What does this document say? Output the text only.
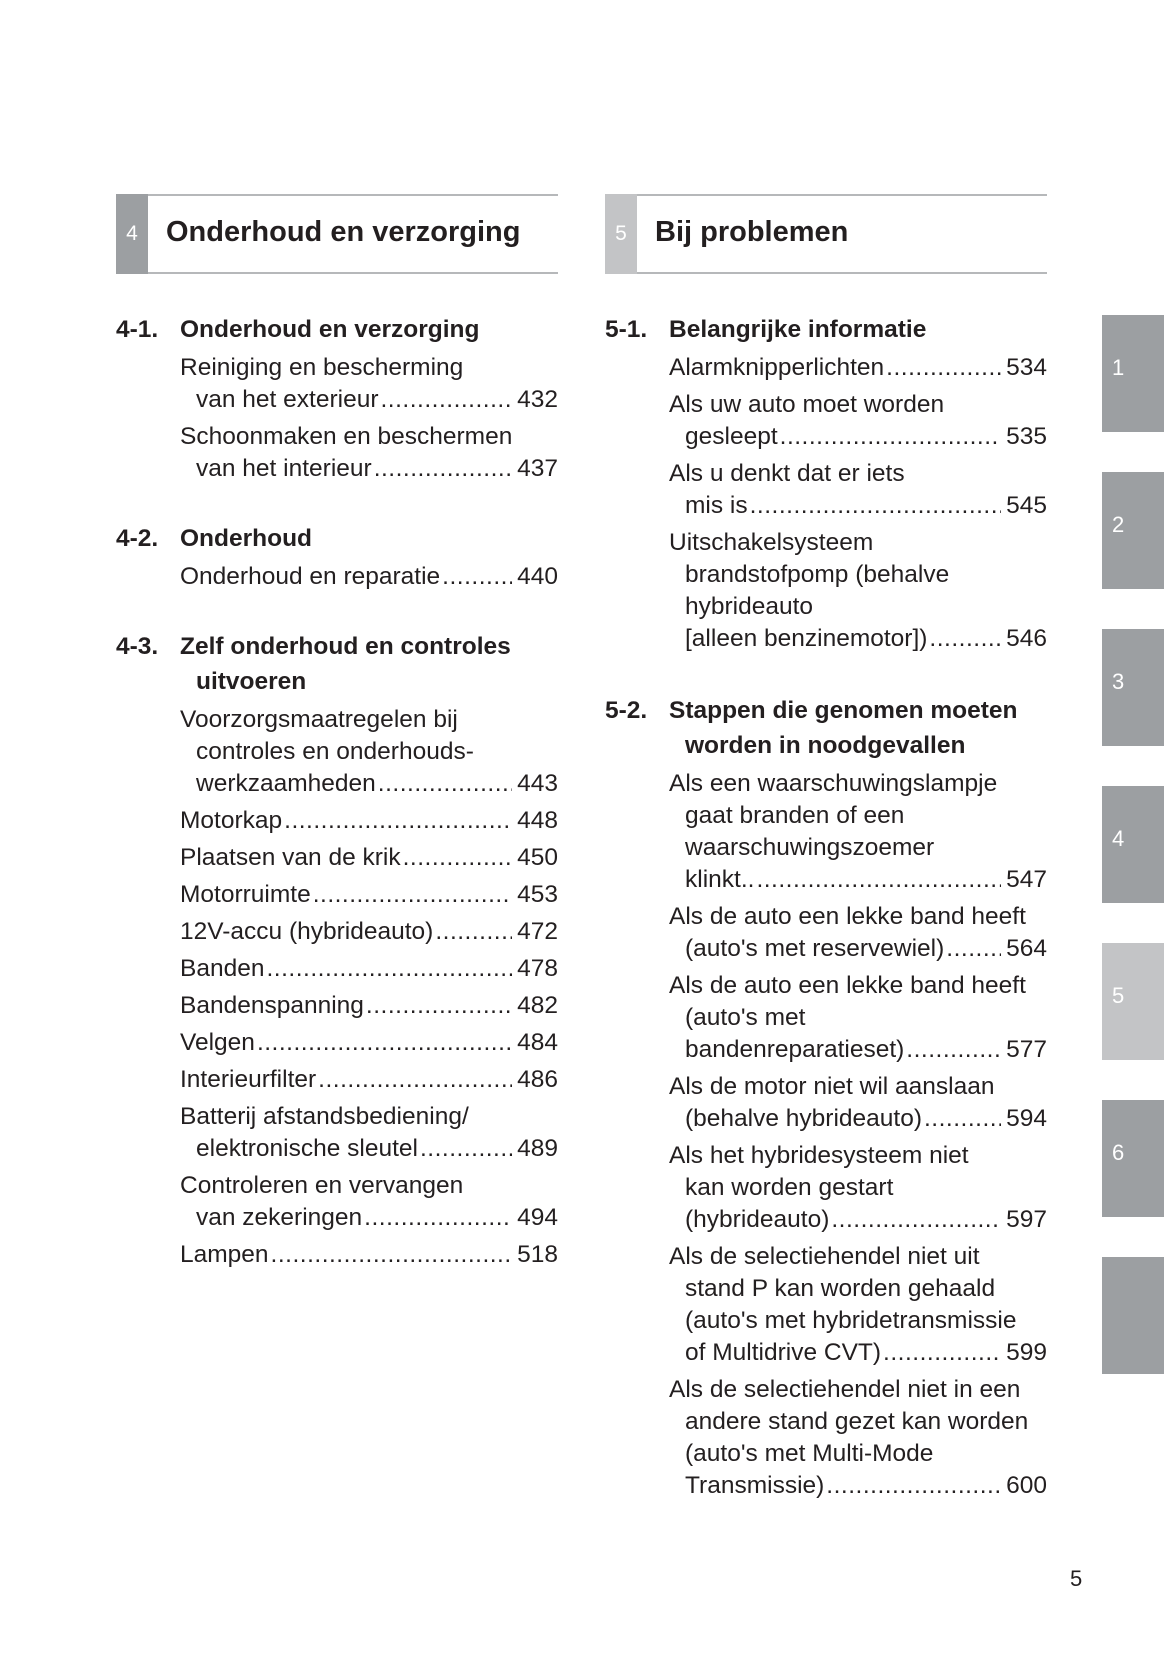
4 Onderhoud en verzorging
4-1. Onderhoud en verzorging
Reiniging en bescherming
van het exterieur .....	432
Schoonmaken en beschermen
van het interieur .....	437
4-2. Onderhoud
Onderhoud en reparatie .....	440
4-3. Zelf onderhoud en controles
uitvoeren
Voorzorgsmaatregelen bij
controles en onderhouds-
werkzaamheden .....	443
Motorkap .....	448
Plaatsen van de krik .....	450
Motorruimte .....	453
12V-accu (hybrideauto) .....	472
Banden .....	478
Bandenspanning .....	482
Velgen .....	484
Interieurfilter .....	486
Batterij afstandsbediening/
elektronische sleutel .....	489
Controleren en vervangen
van zekeringen .....	494
Lampen .....	518
5 Bij problemen
5-1. Belangrijke informatie
Alarmknipperlichten .....	534
Als uw auto moet worden
gesleept .....	535
Als u denkt dat er iets
mis is .....	545
Uitschakelsysteem
brandstofpomp (behalve
hybrideauto
[alleen benzinemotor]) .....	546
5-2. Stappen die genomen moeten
worden in noodgevallen
Als een waarschuwingslampje
gaat branden of een
waarschuwingszoemer
klinkt.. .....	547
Als de auto een lekke band heeft
(auto's met reservewiel) .....	564
Als de auto een lekke band heeft
(auto's met
bandenreparatieset) .....	577
Als de motor niet wil aanslaan
(behalve hybrideauto) .....	594
Als het hybridesysteem niet
kan worden gestart
(hybrideauto) .....	597
Als de selectiehendel niet uit
stand P kan worden gehaald
(auto's met hybridetransmissie
of Multidrive CVT) .....	599
Als de selectiehendel niet in een
andere stand gezet kan worden
(auto's met Multi-Mode
Transmissie) .....	600
1
2
3
4
5
6
5
